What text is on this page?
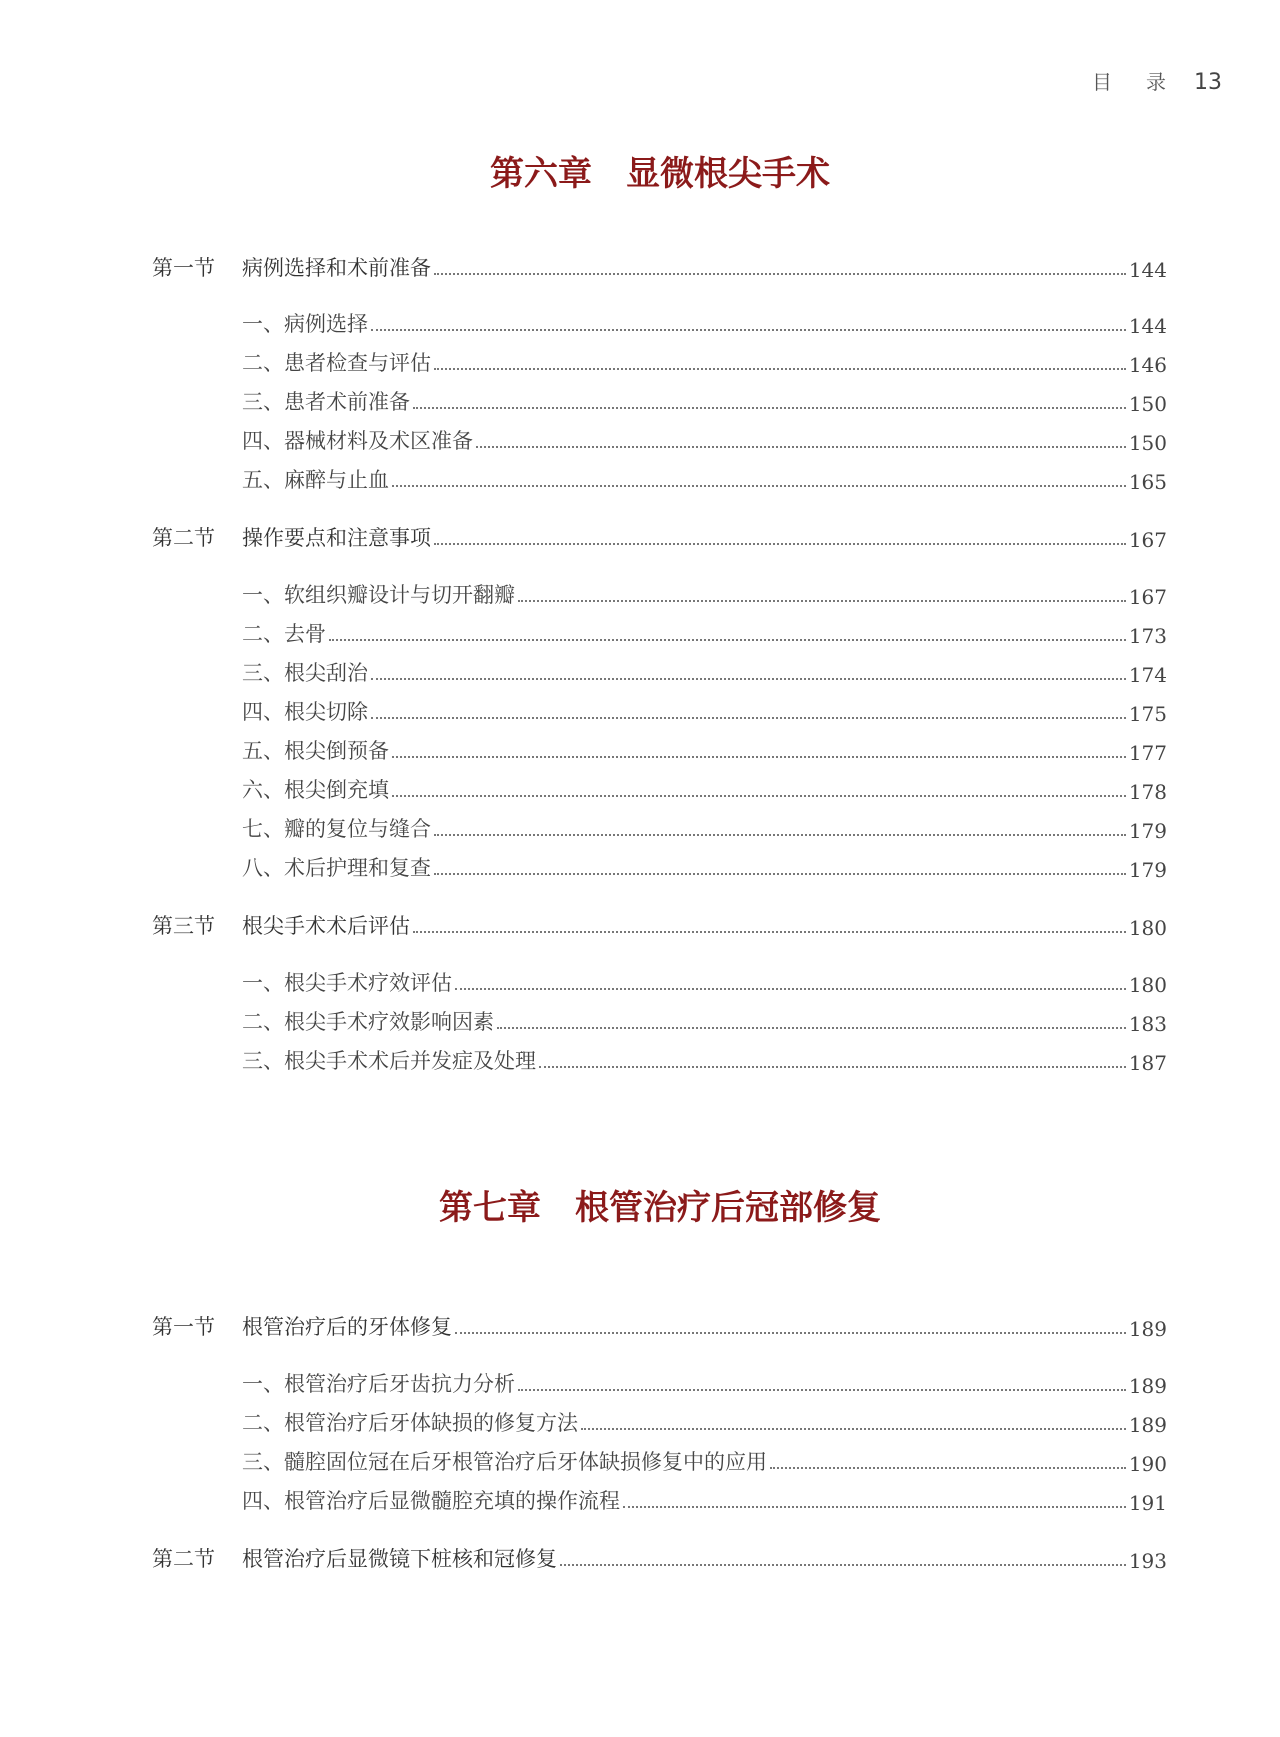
目录
13
第六章　显微根尖手术
第一节	病例选择和术前准备	144
一、病例选择	144
二、患者检查与评估	146
三、患者术前准备	150
四、器械材料及术区准备	150
五、麻醉与止血	165
第二节	操作要点和注意事项	167
一、软组织瓣设计与切开翻瓣	167
二、去骨	173
三、根尖刮治	174
四、根尖切除	175
五、根尖倒预备	177
六、根尖倒充填	178
七、瓣的复位与缝合	179
八、术后护理和复查	179
第三节	根尖手术术后评估	180
一、根尖手术疗效评估	180
二、根尖手术疗效影响因素	183
三、根尖手术术后并发症及处理	187
第七章　根管治疗后冠部修复
第一节	根管治疗后的牙体修复	189
一、根管治疗后牙齿抗力分析	189
二、根管治疗后牙体缺损的修复方法	189
三、髓腔固位冠在后牙根管治疗后牙体缺损修复中的应用	190
四、根管治疗后显微髓腔充填的操作流程	191
第二节	根管治疗后显微镜下桩核和冠修复	193
